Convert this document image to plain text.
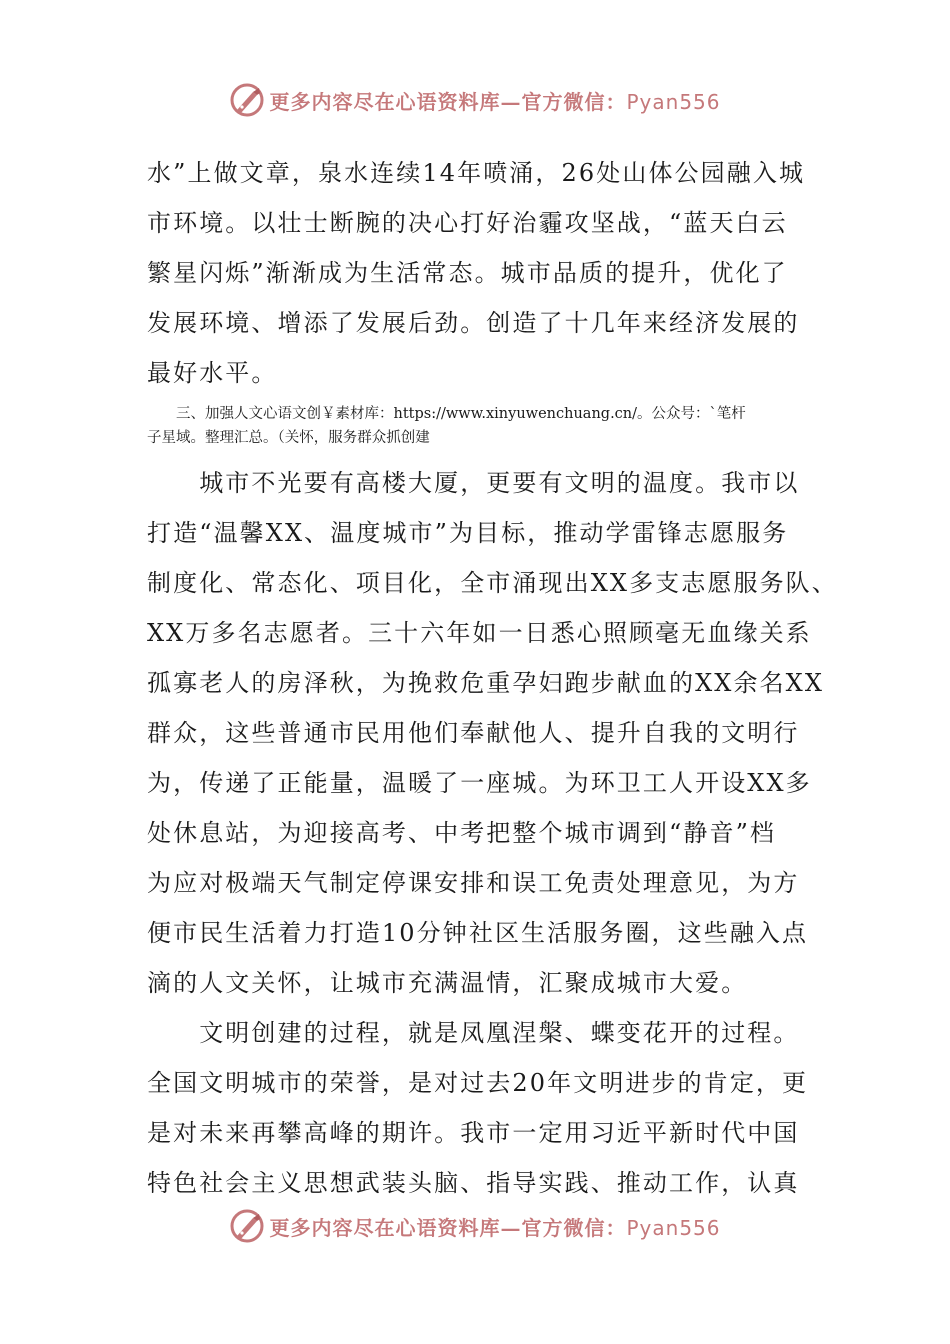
更多内容尽在心语资料库—官方微信：Pyan556
水”上做文章，泉水连续14年喷涌，26处山体公园融入城
市环境。以壮士断腕的决心打好治霾攻坚战，“蓝天白云
繁星闪烁”渐渐成为生活常态。城市品质的提升，优化了
发展环境、增添了发展后劲。创造了十几年来经济发展的
最好水平。
　　三、加强人文心语文创￥素材库：https://www.xinyuwenchuang.cn/。公众号：`笔杆
子星域。整理汇总。（关怀，服务群众抓创建
　　城市不光要有高楼大厦，更要有文明的温度。我市以
打造“温馨XX、温度城市”为目标，推动学雷锋志愿服务
制度化、常态化、项目化，全市涌现出XX多支志愿服务队、
XX万多名志愿者。三十六年如一日悉心照顾毫无血缘关系
孤寡老人的房泽秋，为挽救危重孕妇跑步献血的XX余名XX
群众，这些普通市民用他们奉献他人、提升自我的文明行
为，传递了正能量，温暖了一座城。为环卫工人开设XX多
处休息站，为迎接高考、中考把整个城市调到“静音”档
为应对极端天气制定停课安排和误工免责处理意见，为方
便市民生活着力打造10分钟社区生活服务圈，这些融入点
滴的人文关怀，让城市充满温情，汇聚成城市大爱。
　　文明创建的过程，就是凤凰涅槃、蝶变花开的过程。
全国文明城市的荣誉，是对过去20年文明进步的肯定，更
是对未来再攀高峰的期许。我市一定用习近平新时代中国
特色社会主义思想武装头脑、指导实践、推动工作，认真
更多内容尽在心语资料库—官方微信：Pyan556
